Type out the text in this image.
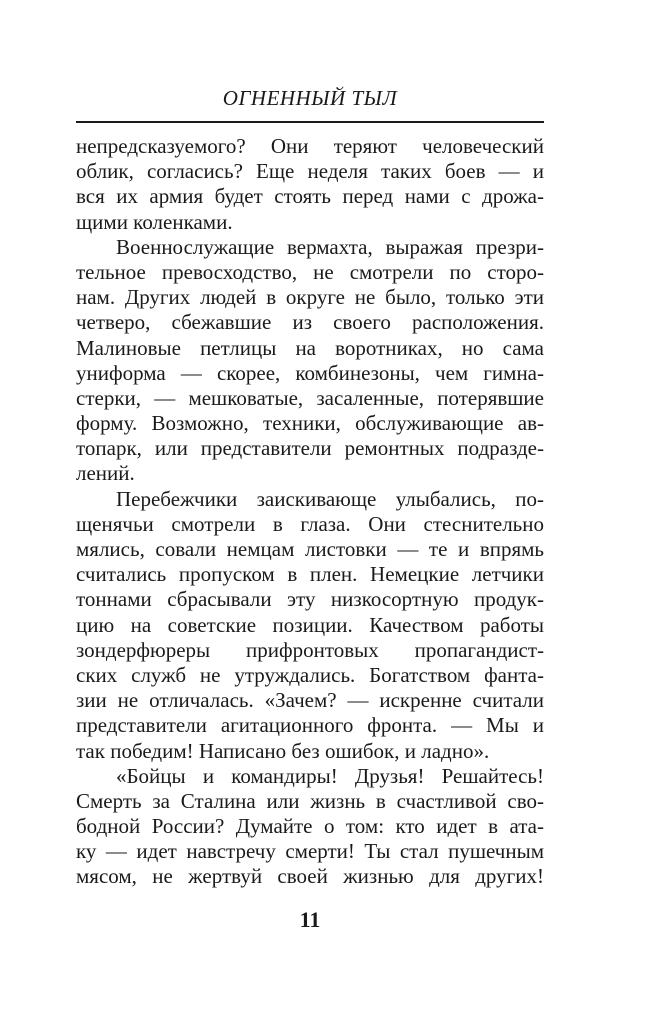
ОГНЕННЫЙ ТЫЛ
непредсказуемого? Они теряют человеческий
облик, согласись? Еще неделя таких боев — и
вся их армия будет стоять перед нами с дрожа-
щими коленками.
Военнослужащие вермахта, выражая презри-
тельное превосходство, не смотрели по сторо-
нам. Других людей в округе не было, только эти
четверо, сбежавшие из своего расположения.
Малиновые петлицы на воротниках, но сама
униформа — скорее, комбинезоны, чем гимна-
стерки, — мешковатые, засаленные, потерявшие
форму. Возможно, техники, обслуживающие ав-
топарк, или представители ремонтных подразде-
лений.
Перебежчики заискивающе улыбались, по-
щенячьи смотрели в глаза. Они стеснительно
мялись, совали немцам листовки — те и впрямь
считались пропуском в плен. Немецкие летчики
тоннами сбрасывали эту низкосортную продук-
цию на советские позиции. Качеством работы
зондерфюреры прифронтовых пропагандист-
ских служб не утруждались. Богатством фанта-
зии не отличалась. «Зачем? — искренне считали
представители агитационного фронта. — Мы и
так победим! Написано без ошибок, и ладно».
«Бойцы и командиры! Друзья! Решайтесь!
Смерть за Сталина или жизнь в счастливой сво-
бодной России? Думайте о том: кто идет в ата-
ку — идет навстречу смерти! Ты стал пушечным
мясом, не жертвуй своей жизнью для других!
11
